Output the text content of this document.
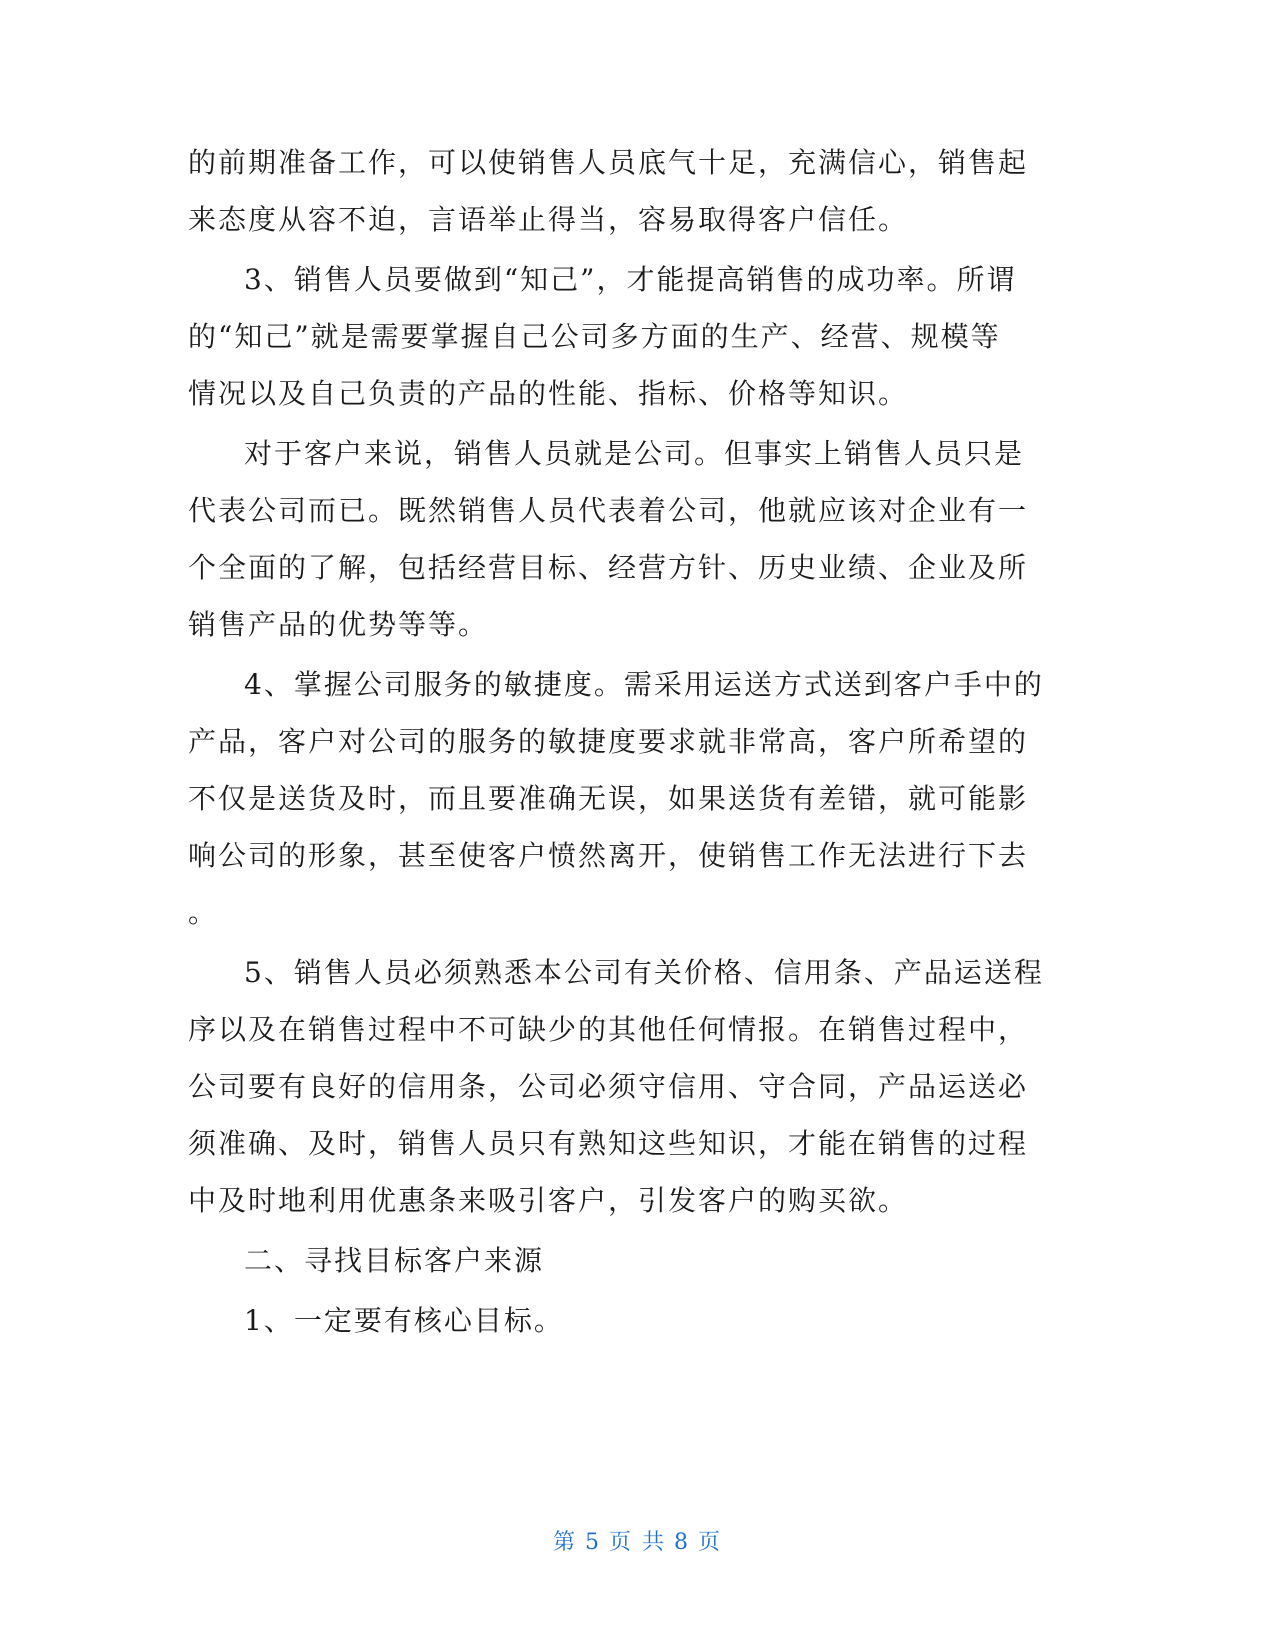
的前期准备工作，可以使销售人员底气十足，充满信心，销售起
来态度从容不迫，言语举止得当，容易取得客户信任。
3、销售人员要做到“知己”，才能提高销售的成功率。所谓
的“知己”就是需要掌握自己公司多方面的生产、经营、规模等
情况以及自己负责的产品的性能、指标、价格等知识。
对于客户来说，销售人员就是公司。但事实上销售人员只是
代表公司而已。既然销售人员代表着公司，他就应该对企业有一
个全面的了解，包括经营目标、经营方针、历史业绩、企业及所
销售产品的优势等等。
4、掌握公司服务的敏捷度。需采用运送方式送到客户手中的
产品，客户对公司的服务的敏捷度要求就非常高，客户所希望的
不仅是送货及时，而且要准确无误，如果送货有差错，就可能影
响公司的形象，甚至使客户愤然离开，使销售工作无法进行下去
。
5、销售人员必须熟悉本公司有关价格、信用条、产品运送程
序以及在销售过程中不可缺少的其他任何情报。在销售过程中，
公司要有良好的信用条，公司必须守信用、守合同，产品运送必
须准确、及时，销售人员只有熟知这些知识，才能在销售的过程
中及时地利用优惠条来吸引客户，引发客户的购买欲。
二、寻找目标客户来源
1、一定要有核心目标。
第 5 页 共 8 页
